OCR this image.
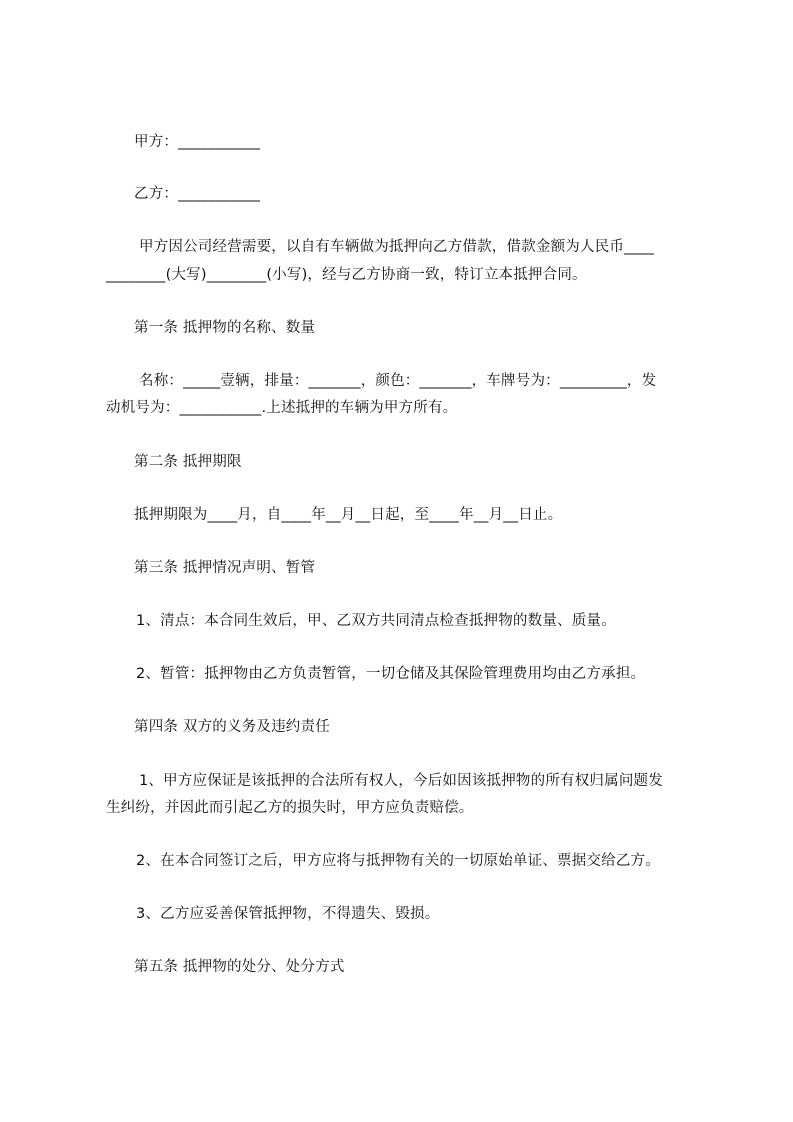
甲方：___________
乙方：___________
甲方因公司经营需要，以自有车辆做为抵押向乙方借款，借款金额为人民币____
________(大写)________(小写)，经与乙方协商一致，特订立本抵押合同。
第一条 抵押物的名称、数量
名称：_____壹辆，排量：_______，颜色：_______，车牌号为：_________，发
动机号为：___________.上述抵押的车辆为甲方所有。
第二条 抵押期限
抵押期限为____月，自____年__月__日起，至____年__月__日止。
第三条 抵押情况声明、暂管
1、清点：本合同生效后，甲、乙双方共同清点检查抵押物的数量、质量。
2、暂管：抵押物由乙方负责暂管，一切仓储及其保险管理费用均由乙方承担。
第四条 双方的义务及违约责任
1、甲方应保证是该抵押的合法所有权人，今后如因该抵押物的所有权归属问题发
生纠纷，并因此而引起乙方的损失时，甲方应负责赔偿。
2、在本合同签订之后，甲方应将与抵押物有关的一切原始单证、票据交给乙方。
3、乙方应妥善保管抵押物，不得遗失、毁损。
第五条 抵押物的处分、处分方式
